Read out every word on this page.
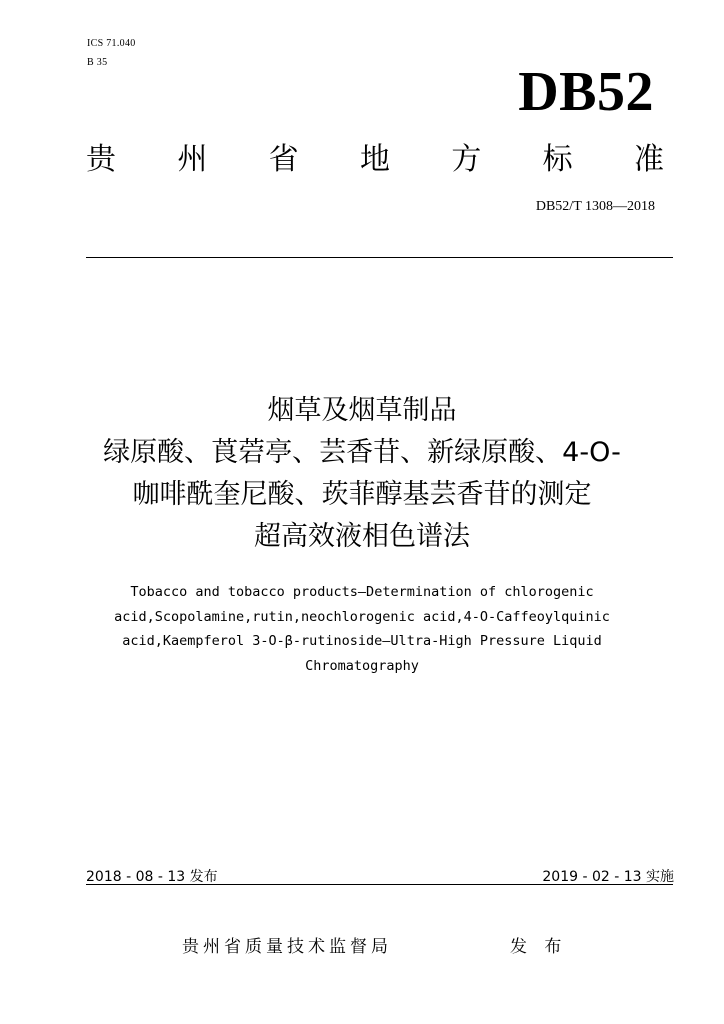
ICS 71.040
B 35	DB52
贵 州 省 地 方 标 准
DB52/T 1308—2018
烟草及烟草制品
绿原酸、莨菪亭、芸香苷、新绿原酸、4-O-
咖啡酰奎尼酸、莰菲醇基芸香苷的测定
超高效液相色谱法
Tobacco and tobacco products—Determination of chlorogenic
acid,Scopolamine,rutin,neochlorogenic acid,4-O-Caffeoylquinic
acid,Kaempferol 3-O-β-rutinoside—Ultra-High Pressure Liquid
Chromatography
2018 - 08 - 13 发布	2019 - 02 - 13 实施
贵州省质量技术监督局	发 布
